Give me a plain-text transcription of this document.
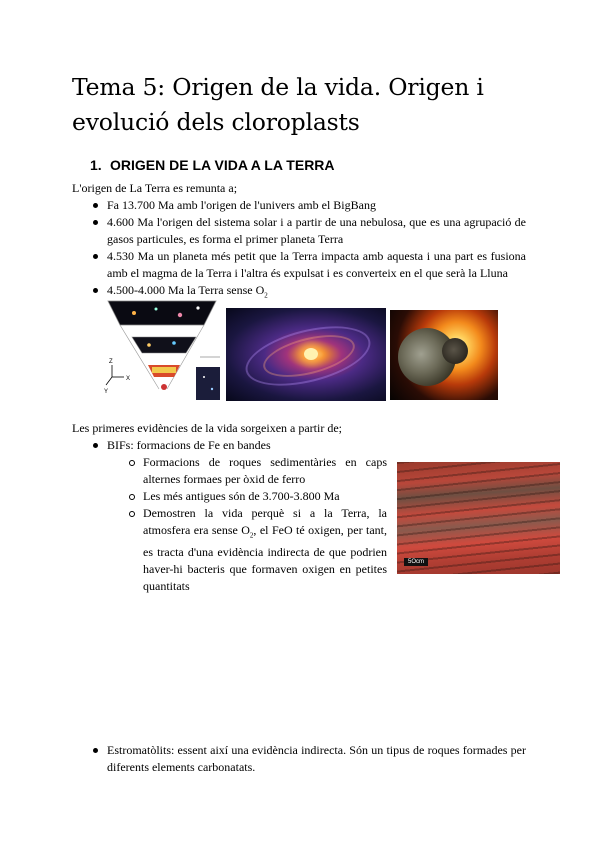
Tema 5: Origen de la vida. Origen i evolució dels cloroplasts
1. ORIGEN DE LA VIDA A LA TERRA

L'origen de La Terra es remunta a;

Fa 13.700 Ma amb l'origen de l'univers amb el BigBang
4.600 Ma l'origen del sistema solar i a partir de una nebulosa, que es una agrupació de gasos particules, es forma el primer planeta Terra
4.530 Ma un planeta més petit que la Terra impacta amb aquesta i una part es fusiona amb el magma de la Terra i l'altra és expulsat i es converteix en el que serà la Lluna
4.500-4.000 Ma la Terra sense $O_2$
X
Z
Y

Les primeres evidències de la vida sorgeixen a partir de;

BIFs: formacions de Fe en bandes
Formacions de roques sedimentàries en caps alternes formaes per òxid de ferro
Les més antigues són de 3.700-3.800 Ma
Demostren la vida perquè si a la Terra, la atmosfera era sense $O_2$, el FeO té oxigen, per tant, es tracta d'una evidència indirecta de que podrien haver-hi bacteris que formaven oxigen en petites quantitats
5Ocm
Estromatòlits: essent així una evidència indirecta. Són un tipus de roques formades per diferents elements carbonatats.
